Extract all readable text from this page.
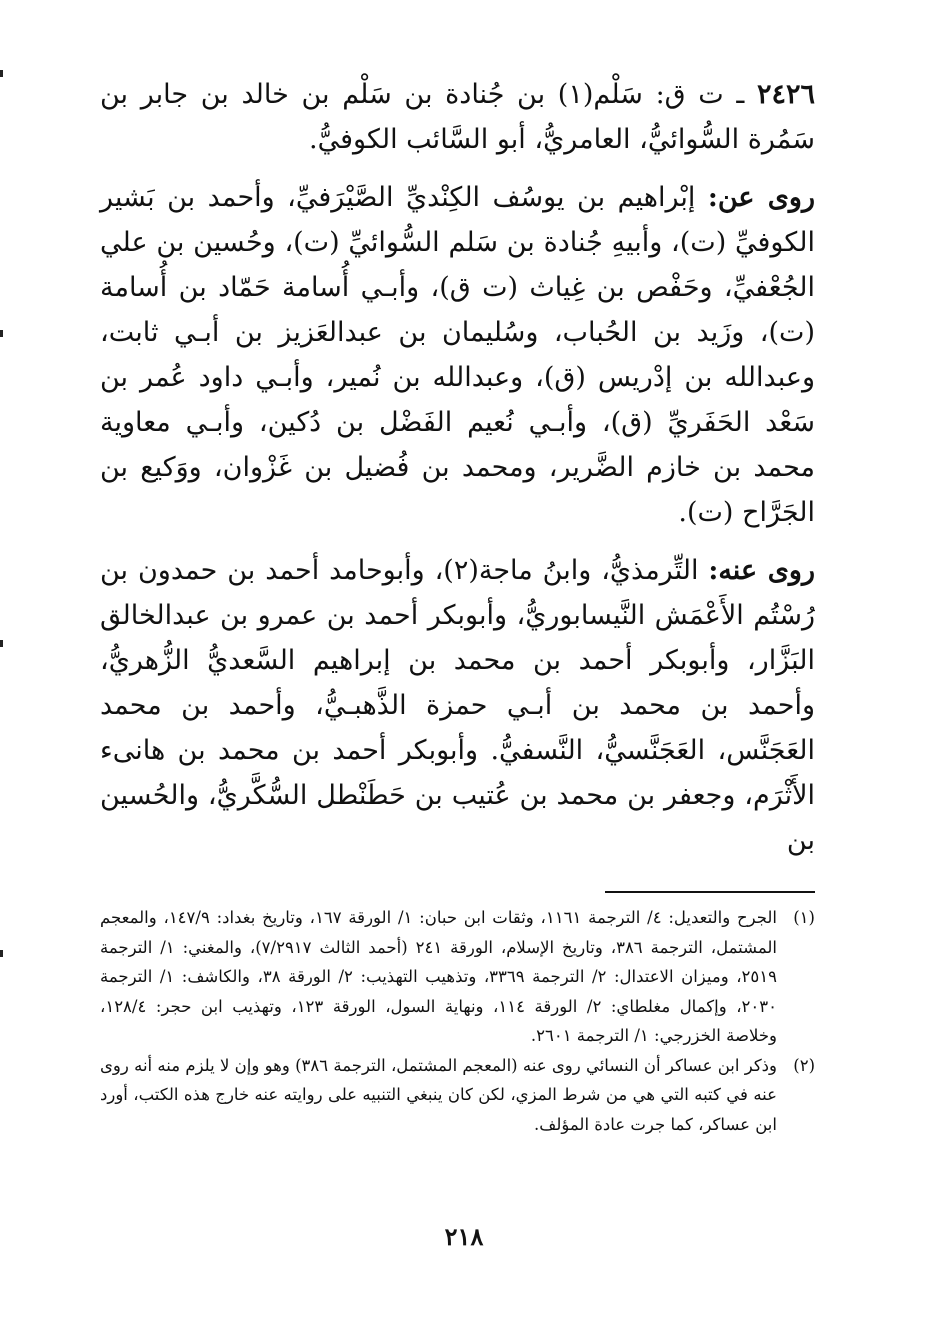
٢٤٢٦ ـ ت ق: سَلْم(١) بن جُنادة بن سَلْم بن خالد بن جابر بن سَمُرة السُّوائيُّ، العامريُّ، أبو السَّائب الكوفيُّ.

روى عن: إبْراهيم بن يوسُف الكِنْديِّ الصَّيْرَفيِّ، وأحمد بن بَشير الكوفيِّ (ت)، وأبيهِ جُنادة بن سَلم السُّوائيِّ (ت)، وحُسين بن علي الجُعْفيِّ، وحَفْص بن غِياث (ت ق)، وأبـي أُسامة حَمّاد بن أُسامة (ت)، وزَيد بن الحُباب، وسُليمان بن عبدالعَزيز بن أبـي ثابت، وعبدالله بن إدْريس (ق)، وعبدالله بن نُمير، وأبـي داود عُمر بن سَعْد الحَفَريِّ (ق)، وأبـي نُعيم الفَضْل بن دُكين، وأبـي معاوية محمد بن خازم الضَّرير، ومحمد بن فُضيل بن غَزْوان، ووَكيع بن الجَرَّاح (ت).

روى عنه: التِّرمذيُّ، وابنُ ماجة(٢)، وأبوحامد أحمد بن حمدون بن رُسْتُم الأَعْمَش النَّيسابوريُّ، وأبوبكر أحمد بن عمرو بن عبدالخالق البَزَّار، وأبوبكر أحمد بن محمد بن إبراهيم السَّعديُّ الزُّهريُّ، وأحمد بن محمد بن أبـي حمزة الذَّهبـيُّ، وأحمد بن محمد العَجَنَّس، العَجَنَّسيُّ، النَّسفيُّ. وأبوبكر أحمد بن محمد بن هانىء الأَثْرَم، وجعفر بن محمد بن عُتيب بن حَطَنْطل السُّكَّريُّ، والحُسين بن

(١)الجرح والتعديل: ٤/ الترجمة ١١٦١، وثقات ابن حبان: ١/ الورقة ١٦٧، وتاريخ بغداد: ١٤٧/٩، والمعجم المشتمل، الترجمة ٣٨٦، وتاريخ الإسلام، الورقة ٢٤١ (أحمد الثالث ٧/٢٩١٧)، والمغني: ١/ الترجمة ٢٥١٩، وميزان الاعتدال: ٢/ الترجمة ٣٣٦٩، وتذهيب التهذيب: ٢/ الورقة ٣٨، والكاشف: ١/ الترجمة ٢٠٣٠، وإكمال مغلطاي: ٢/ الورقة ١١٤، ونهاية السول، الورقة ١٢٣، وتهذيب ابن حجر: ١٢٨/٤، وخلاصة الخزرجي: ١/ الترجمة ٢٦٠١.

(٢)وذكر ابن عساكر أن النسائي روى عنه (المعجم المشتمل، الترجمة ٣٨٦) وهو وإن لا يلزم منه أنه روى عنه في كتبه التي هي من شرط المزي، لكن كان ينبغي التنبيه على روايته عنه خارج هذه الكتب، أورد ابن عساكر، كما جرت عادة المؤلف.

٢١٨
